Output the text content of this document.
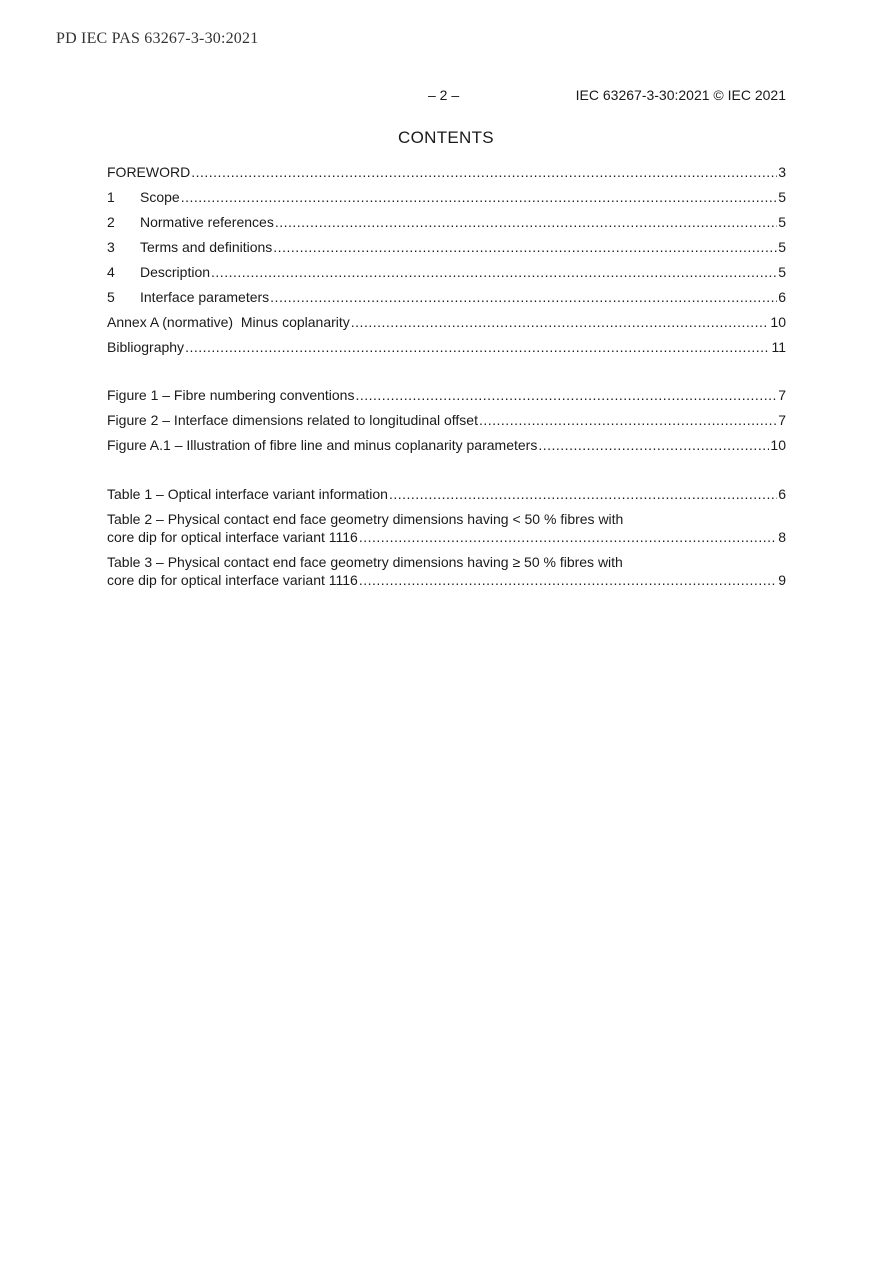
PD IEC PAS 63267-3-30:2021
– 2 –	IEC 63267-3-30:2021 © IEC 2021
CONTENTS
FOREWORD .....	3
1	Scope .....	5
2	Normative references .....	5
3	Terms and definitions .....	5
4	Description .....	5
5	Interface parameters .....	6
Annex A (normative)  Minus coplanarity .....	10
Bibliography .....	11
Figure 1 – Fibre numbering conventions .....	7
Figure 2 – Interface dimensions related to longitudinal offset .....	7
Figure A.1 – Illustration of fibre line and minus coplanarity parameters .....	10
Table 1 – Optical interface variant information .....	6
Table 2 – Physical contact end face geometry dimensions having < 50 % fibres with
core dip for optical interface variant 1116 .....	8
Table 3 – Physical contact end face geometry dimensions having ≥ 50 % fibres with
core dip for optical interface variant 1116 .....	9
